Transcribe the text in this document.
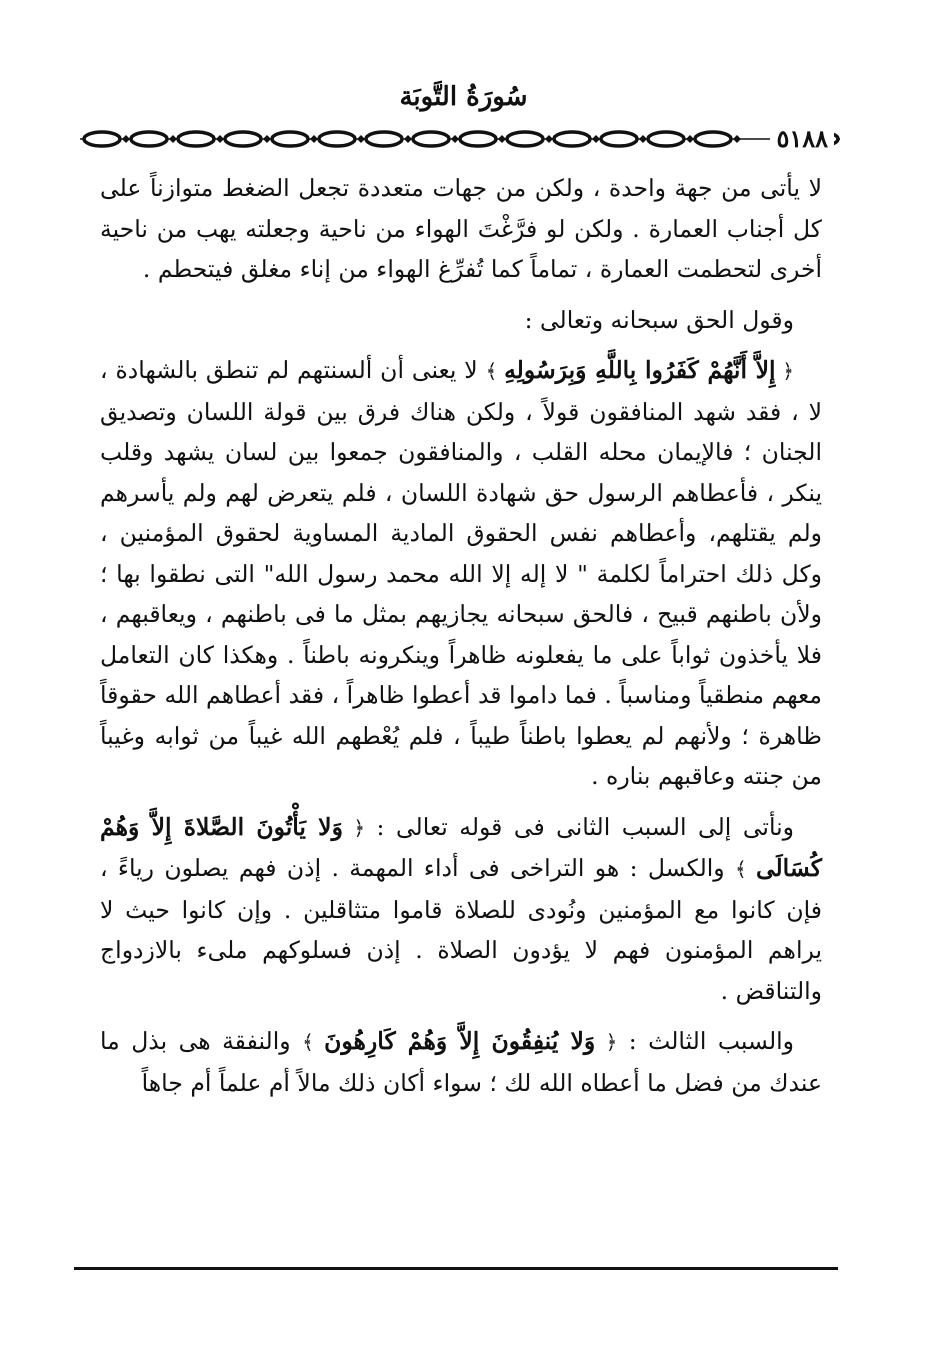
سُورَةُ التَّوبَة
٥١٨٨

لا يأتى من جهة واحدة ، ولكن من جهات متعددة تجعل الضغط متوازناً على كل أجناب العمارة . ولكن لو فرَّغْتَ الهواء من ناحية وجعلته يهب من ناحية أخرى لتحطمت العمارة ، تماماً كما تُفرِّغ الهواء من إناء مغلق فيتحطم .

وقول الحق سبحانه وتعالى :

﴿ إِلاَّ أَنَّهُمْ كَفَرُوا بِاللَّهِ وَبِرَسُولِهِ ﴾ لا يعنى أن ألسنتهم لم تنطق بالشهادة ، لا ، فقد شهد المنافقون قولاً ، ولكن هناك فرق بين قولة اللسان وتصديق الجنان ؛ فالإيمان محله القلب ، والمنافقون جمعوا بين لسان يشهد وقلب ينكر ، فأعطاهم الرسول حق شهادة اللسان ، فلم يتعرض لهم ولم يأسرهم ولم يقتلهم، وأعطاهم نفس الحقوق المادية المساوية لحقوق المؤمنين ، وكل ذلك احتراماً لكلمة " لا إله إلا الله محمد رسول الله" التى نطقوا بها ؛ ولأن باطنهم قبيح ، فالحق سبحانه يجازيهم بمثل ما فى باطنهم ، ويعاقبهم ، فلا يأخذون ثواباً على ما يفعلونه ظاهراً وينكرونه باطناً . وهكذا كان التعامل معهم منطقياً ومناسباً . فما داموا قد أعطوا ظاهراً ، فقد أعطاهم الله حقوقاً ظاهرة ؛ ولأنهم لم يعطوا باطناً طيباً ، فلم يُعْطهم الله غيباً من ثوابه وغيباً من جنته وعاقبهم بناره .

ونأتى إلى السبب الثانى فى قوله تعالى : ﴿ وَلا يَأْتُونَ الصَّلاةَ إِلاَّ وَهُمْ كُسَالَى ﴾ والكسل : هو التراخى فى أداء المهمة . إذن فهم يصلون رياءً ، فإن كانوا مع المؤمنين ونُودى للصلاة قاموا متثاقلين . وإن كانوا حيث لا يراهم المؤمنون فهم لا يؤدون الصلاة . إذن فسلوكهم ملىء بالازدواج والتناقض .

والسبب الثالث : ﴿ وَلا يُنفِقُونَ إِلاَّ وَهُمْ كَارِهُونَ ﴾ والنفقة هى بذل ما عندك من فضل ما أعطاه الله لك ؛ سواء أكان ذلك مالاً أم علماً أم جاهاً
